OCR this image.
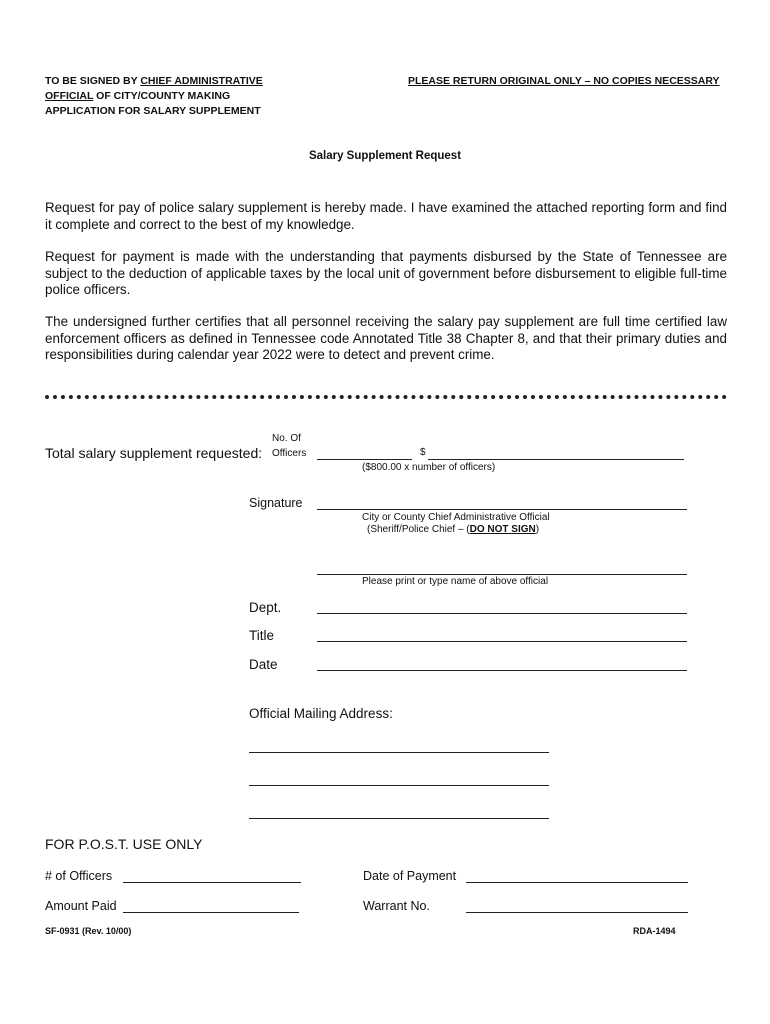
TO BE SIGNED BY CHIEF ADMINISTRATIVE
OFFICIAL OF CITY/COUNTY MAKING
APPLICATION FOR SALARY SUPPLEMENT
PLEASE RETURN ORIGINAL ONLY – NO COPIES NECESSARY
Salary Supplement Request
Request for pay of police salary supplement is hereby made. I have examined the attached reporting form and find it complete and correct to the best of my knowledge.
Request for payment is made with the understanding that payments disbursed by the State of Tennessee are subject to the deduction of applicable taxes by the local unit of government before disbursement to eligible full-time police officers.
The undersigned further certifies that all personnel receiving the salary pay supplement are full time certified law enforcement officers as defined in Tennessee code Annotated Title 38 Chapter 8, and that their primary duties and responsibilities during calendar year 2022 were to detect and prevent crime.
Total salary supplement requested:
No. Of
Officers	$
($800.00 x number of officers)
Signature
City or County Chief Administrative Official
(Sheriff/Police Chief – (DO NOT SIGN)
Please print or type name of above official
Dept.
Title
Date
Official Mailing Address:
FOR P.O.S.T. USE ONLY
# of Officers	Date of Payment
Amount Paid	Warrant No.
SF-0931 (Rev. 10/00)	RDA-1494
